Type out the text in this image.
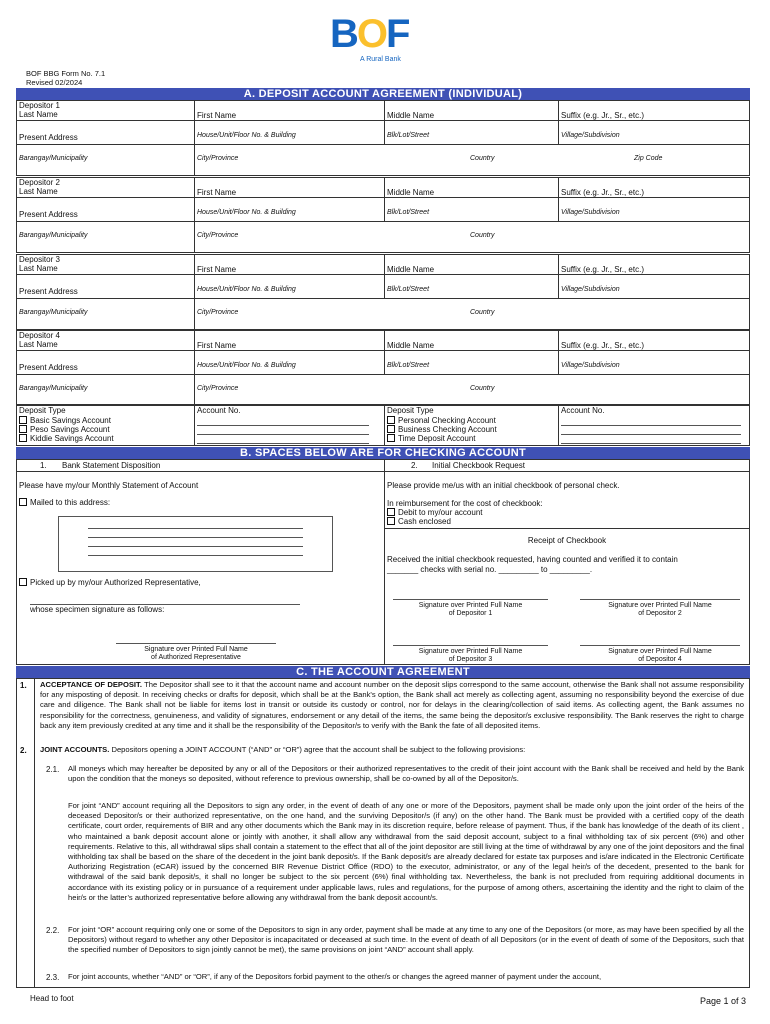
BOF
A Rural Bank
BOF BBG Form No. 7.1
Revised 02/2024
A. DEPOSIT ACCOUNT AGREEMENT (INDIVIDUAL)
Depositor 1
Last Name	First Name	Middle Name	Suffix (e.g. Jr., Sr., etc.)
Present Address	House/Unit/Floor No. & Building	Blk/Lot/Street	Village/Subdivision
Barangay/Municipality	City/Province	Country	Zip Code
Depositor 2
Last Name	First Name	Middle Name	Suffix (e.g. Jr., Sr., etc.)
Present Address	House/Unit/Floor No. & Building	Blk/Lot/Street	Village/Subdivision
Barangay/Municipality	City/Province	Country
Depositor 3
Last Name	First Name	Middle Name	Suffix (e.g. Jr., Sr., etc.)
Present Address	House/Unit/Floor No. & Building	Blk/Lot/Street	Village/Subdivision
Barangay/Municipality	City/Province	Country
Depositor 4
Last Name	First Name	Middle Name	Suffix (e.g. Jr., Sr., etc.)
Present Address	House/Unit/Floor No. & Building	Blk/Lot/Street	Village/Subdivision
Barangay/Municipality	City/Province	Country
Deposit Type
Basic Savings Account
Peso Savings Account
Kiddie Savings Account
Account No.	Deposit Type
Personal Checking Account
Business Checking Account
Time Deposit Account
Account No.
B. SPACES BELOW ARE FOR CHECKING ACCOUNT
1. Bank Statement Disposition	2. Initial Checkbook Request
Please have my/our Monthly Statement of Account
Mailed to this address:
Picked up by my/our Authorized Representative,
whose specimen signature as follows:
Signature over Printed Full Name
of Authorized Representative
Please provide me/us with an initial checkbook of personal check.
In reimbursement for the cost of checkbook:
Debit to my/our account
Cash enclosed
Receipt of Checkbook
Received the initial checkbook requested, having counted and verified it to contain
_______ checks with serial no. _________ to _________.
Signature over Printed Full Name
of Depositor 1
Signature over Printed Full Name
of Depositor 2
Signature over Printed Full Name
of Depositor 3
Signature over Printed Full Name
of Depositor 4
C. THE ACCOUNT AGREEMENT
1. ACCEPTANCE OF DEPOSIT. The Depositor shall see to it that the account name and account number on the deposit slips correspond to the same account, otherwise the Bank shall not assume responsibility for any misposting of deposit. In receiving checks or drafts for deposit, which shall be at the Bank's option, the Bank shall act merely as collecting agent, assuming no responsibility beyond the exercise of due care and diligence. The Bank shall not be liable for items lost in transit or outside its custody or control, nor for delays in the clearing/collection of said items. As collecting agent, the Bank assumes no responsibility for the correctness, genuineness, and validity of signatures, endorsement or any detail of the items, the same being the depositor/s exclusive responsibility. The Bank reserves the right to charge back any item previously credited at any time and it shall be the responsibility of the Depositor/s to verify with the Bank the fate of all deposited items.
2. JOINT ACCOUNTS. Depositors opening a JOINT ACCOUNT (“AND” or “OR”) agree that the account shall be subject to the following provisions:
2.1. All moneys which may hereafter be deposited by any or all of the Depositors or their authorized representatives to the credit of their joint account with the Bank shall be received and held by the Bank upon the condition that the moneys so deposited, without reference to previous ownership, shall be co-owned by all of the Depositor/s.
For joint “AND” account requiring all the Depositors to sign any order, in the event of death of any one or more of the Depositors, payment shall be made only upon the joint order of the heirs of the deceased Depositor/s or their authorized representative, on the one hand, and the surviving Depositor/s (if any) on the other hand. The Bank must be provided with a certified copy of the death certificate, court order, requirements of BIR and any other documents which the Bank may in its discretion require, before release of payment. Thus, if the bank has knowledge of the death of its client , who maintained a bank deposit account alone or jointly with another, it shall allow any withdrawal from the said deposit account, subject to a final withholding tax of six percent (6%) and other requirements. Relative to this, all withdrawal slips shall contain a statement to the effect that all of the joint depositor are still living at the time of withdrawal by any one of the joint depositors and the final withholding tax shall be based on the share of the decedent in the joint bank deposit/s. If the Bank deposit/s are already declared for estate tax purposes and is/are indicated in the Electronic Certificate Authorizing Registration (eCAR) issued by the concerned BIR Revenue District Office (RDO) to the executor, administrator, or any of the legal heir/s of the decedent, presented to the bank for withdrawal of the said bank deposit/s, it shall no longer be subject to the six percent (6%) final withholding tax. Nevertheless, the bank is not precluded from requiring additional documents in accordance with its existing policy or in pursuance of a requirement under applicable laws, rules and regulations, for the purpose of among others, ascertaining the identity and the right to claim of the heir/s or the latter’s authorized representative before allowing any withdrawal from the bank deposit account/s.
2.2. For joint “OR” account requiring only one or some of the Depositors to sign in any order, payment shall be made at any time to any one of the Depositors (or more, as may have been specified by all the Depositors) without regard to whether any other Depositor is incapacitated or deceased at such time. In the event of death of all Depositors (or in the event of death of some of the Depositors, such that the specified number of Depositors to sign jointly cannot be met), the same provisions on joint “AND” account shall apply.
2.3. For joint accounts, whether “AND” or “OR”, if any of the Depositors forbid payment to the other/s or changes the agreed manner of payment under the account,
Head to foot	Page 1 of 3
